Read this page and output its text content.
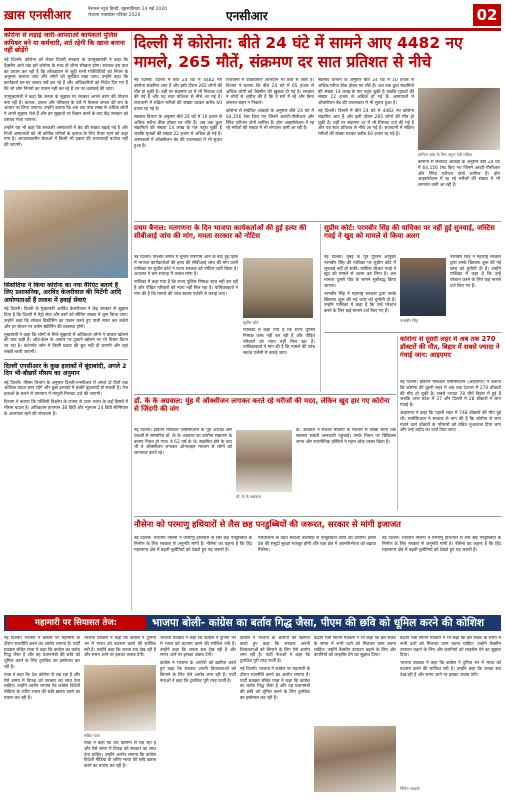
ख़ास एनसीआर	नैशनल न्यूज़ हिन्दी, बृहस्पतिवार 14 मई 2020
रोज़ाना एक्सप्रेस पत्रिका 2020	एनसीआर	02

कोरोना से लड़ाई जारी-आपदाओं कार्यकर्ता पुलिस कमिश्नर बने या कर्मचारी, शर्त रहेगी कि खाना बनाना नहीं छोड़ेंगे

नई दिल्ली। कोरोना को लेकर दिल्ली सरकार के उपमुख्यमंत्री ने कहा कि वैक्सीन आने तक हमें कोरोना के साथ ही जीना सीखना होगा। सरकार इस बात का प्रयास कर रही है कि लॉकडाउन से जुड़ी सभी गतिविधियों को नियम के अनुसार चलाया जाए और लोगों को सुरक्षित रखा जाए। उन्होंने कहा कि कार्यकर्ता घर-घर जाकर सर्वे कर रहे हैं और अधिकारियों को निर्देश दिए गए हैं कि जो लोग नियमों का पालन नहीं कर रहे हैं उन पर कार्रवाई की जाए।

उपमुख्यमंत्री ने कहा कि जनता के सुझाव पर सरकार अगले चरण की योजना बना रही है। बाजार, दफ्तर और परिवहन के बारे में फैसला जनता की राय के आधार पर लिया जाएगा। उन्होंने बताया कि अब तक पांच लाख से अधिक लोगों ने अपने सुझाव भेजे हैं और इन सुझावों पर विचार करने के बाद केंद्र सरकार को प्रस्ताव भेजा जाएगा।

उन्होंने यह भी कहा कि सरकारी अस्पतालों में बेड की संख्या बढ़ाई गई है और निजी अस्पतालों को भी कोविड मरीजों के इलाज के लिए तैयार रहने को कहा गया है। आपातकालीन सेवाओं में किसी भी प्रकार की लापरवाही बर्दाश्त नहीं की जाएगी।

सिसोदिया ने किया कोरोना का नया वैरिएंट बताये हैं लिए प्रशासनिक, अरविंद केजरीवाल की मिटेंगी आदि अयोग्यताओं हैं तलाश में हवाई सेवाएं

नई दिल्ली। दिल्ली के मुख्यमंत्री अरविंद केजरीवाल ने केंद्र सरकार से सुझाव दिया है कि दिल्ली में मेट्रो सेवा और बसों को सीमित संख्या में शुरू किया जाए। उन्होंने कहा कि सोशल डिस्टेंसिंग का पालन करते हुए यात्री सफर कर सकेंगे और हर स्टेशन पर थर्मल स्क्रीनिंग की व्यवस्था होगी।

मुख्यमंत्री ने कहा कि लोगों से मिले सुझावों में अधिकतर लोगों ने बाजार खोलने की बात कही है। ऑड-ईवन के आधार पर दुकानें खोलने पर भी विचार किया जा रहा है। कंटेनमेंट जोन में किसी प्रकार की छूट नहीं दी जाएगी और वहां सख्ती बरती जाएगी।

दिल्ली एनसीआर के कुछ इलाकों में बूंदाबांदी, अगले 2 दिन भी-बौछारें मौसम का अनुमान

नई दिल्ली। मौसम विभाग के अनुसार दिल्ली-एनसीआर में अगले दो दिनों तक आंशिक बादल छाए रहेंगे और कुछ इलाकों में हल्की बूंदाबांदी हो सकती है। तेज हवाओं के चलने से तापमान में मामूली गिरावट दर्ज की जाएगी।

विभाग ने बताया कि पश्चिमी विक्षोभ के प्रभाव से उत्तर भारत के कई हिस्सों में मौसम बदला है। अधिकतम तापमान 38 डिग्री और न्यूनतम 24 डिग्री सेल्सियस के आसपास रहने की संभावना है।

दिल्ली में कोरोना: बीते 24 घंटे में सामने आए 4482 नए मामले, 265 मौतें, संक्रमण दर सात प्रतिशत से नीचे

नई दिल्ली। दिल्ली में बीते 24 घंटे में 4482 नए कोरोना संक्रमित आए हैं और इसी दौरान 265 लोगों की मौत हो चुकी है। वहीं पर संक्रमण दर में भी गिरावट दर्ज की गई है और यह सात प्रतिशत से नीचे आ गई है। राजधानी में सक्रिय मरीजों की संख्या घटकर करीब 60 हजार रह गई है।

स्वास्थ्य विभाग के अनुसार बीते 24 घंटे में 10 हजार से अधिक मरीज ठीक होकर घर लौटे हैं। अब तक कुल संक्रमितों की संख्या 14 लाख के पार पहुंच चुकी है जबकि मृतकों की संख्या 22 हजार से अधिक हो गई है। अस्पतालों में ऑक्सीजन बेड की उपलब्धता में भी सुधार हुआ है।

राजधानी में टीकाकरण अभियान भी तेजी से जारी है। विभाग ने बताया कि बीते 24 घंटे में 65 हजार से अधिक लोगों को वैक्सीन की खुराक दी गई है। सरकार ने लोगों से अपील की है कि वे घरों में रहें और बिना जरूरत बाहर न निकलें।

कोरोना से संबंधित आंकड़ों के अनुसार बीते 24 घंटे में 64,156 टेस्ट किए गए जिनमें आरटी-पीसीआर और रैपिड एंटीजन दोनों शामिल हैं। होम आइसोलेशन में रह रहे मरीजों की संख्या में भी लगातार कमी आ रही है।

स्वास्थ्य विभाग के अनुसार बीते 24 घंटे में 10 हजार से अधिक मरीज ठीक होकर घर लौटे हैं। अब तक कुल संक्रमितों की संख्या 14 लाख के पार पहुंच चुकी है जबकि मृतकों की संख्या 22 हजार से अधिक हो गई है। अस्पतालों में ऑक्सीजन बेड की उपलब्धता में भी सुधार हुआ है।

नई दिल्ली। दिल्ली में बीते 24 घंटे में 4482 नए कोरोना संक्रमित आए हैं और इसी दौरान 265 लोगों की मौत हो चुकी है। वहीं पर संक्रमण दर में भी गिरावट दर्ज की गई है और यह सात प्रतिशत से नीचे आ गई है। राजधानी में सक्रिय मरीजों की संख्या घटकर करीब 60 हजार रह गई है।

कोरोना जांच के लिए नमूना देती महिला

कोरोना से संबंधित आंकड़ों के अनुसार बीते 24 घंटे में 64,156 टेस्ट किए गए जिनमें आरटी-पीसीआर और रैपिड एंटीजन दोनों शामिल हैं। होम आइसोलेशन में रह रहे मरीजों की संख्या में भी लगातार कमी आ रही है।

प्रथम बैनाल: मतगणना के दिन भाजपा कार्यकर्ताओं की हुई हत्या की सीबीआई जांच की मांग, ममता सरकार को नोटिस

नई दिल्ली। पश्चिम बंगाल में चुनाव परिणाम आने के बाद हुई हिंसा में भाजपा कार्यकर्ताओं की हत्या की सीबीआई जांच की मांग वाली याचिका पर सुप्रीम कोर्ट ने राज्य सरकार को नोटिस जारी किया है। अदालत ने चार सप्ताह में जवाब मांगा है।

याचिका में कहा गया है कि राज्य पुलिस निष्पक्ष जांच नहीं कर रही है और पीड़ित परिवारों को न्याय नहीं मिल रहा है। याचिकाकर्ता ने मांग की है कि मामले की जांच स्वतंत्र एजेंसी से कराई जाए।

सुप्रीम कोर्ट

याचिका में कहा गया है कि राज्य पुलिस निष्पक्ष जांच नहीं कर रही है और पीड़ित परिवारों को न्याय नहीं मिल रहा है। याचिकाकर्ता ने मांग की है कि मामले की जांच स्वतंत्र एजेंसी से कराई जाए।

सुप्रीम कोर्ट: परमबीर सिंह की याचिका पर नहीं हुई सुनवाई, जस्टिस गवई ने खुद को मामले से किया अलग

नई दिल्ली। मुंबई के पूर्व पुलिस आयुक्त परमबीर सिंह की याचिका पर सुप्रीम कोर्ट में सुनवाई नहीं हो सकी। जस्टिस बीआर गवई ने खुद को मामले से अलग कर लिया है। अब मामला दूसरी पीठ के सामने सूचीबद्ध किया जाएगा।

परमबीर सिंह ने महाराष्ट्र सरकार द्वारा उनके खिलाफ शुरू की गई जांच को चुनौती दी है। उन्होंने याचिका में कहा है कि उन्हें परेशान करने के लिए कई मामले दर्ज किए गए हैं।

परमबीर सिंह

परमबीर सिंह ने महाराष्ट्र सरकार द्वारा उनके खिलाफ शुरू की गई जांच को चुनौती दी है। उन्होंने याचिका में कहा है कि उन्हें परेशान करने के लिए कई मामले दर्ज किए गए हैं।

कोरोना से दूसरी लहर में अब तक 270 डॉक्टरों की मौत, बिहार में सबसे ज्यादा ने गंवाई जान: आइएमए

नई दिल्ली। इंडियन मेडिकल एसोसिएशन (आइएमए) ने बताया कि कोरोना की दूसरी लहर में अब तक देशभर में 270 डॉक्टरों की मौत हो चुकी है। सबसे ज्यादा 78 मौतें बिहार में हुई हैं जबकि उत्तर प्रदेश में 37 और दिल्ली में 28 डॉक्टरों ने जान गंवाई है।

आइएमए ने कहा कि पहली लहर में 748 डॉक्टरों की मौत हुई थी। एसोसिएशन ने सरकार से मांग की है कि कोरोना से जान गंवाने वाले डॉक्टरों के परिवारों को उचित मुआवजा दिया जाए और उन्हें शहीद का दर्जा दिया जाए।

डॉ. के के अग्रवाल: मुंह में ऑक्सीजन लगाकर करते रहे मरीजों की मदद, लेकिन खुद हार गए कोरोना से जिंदगी की जंग

नई दिल्ली। इंडियन मेडिकल एसोसिएशन के पूर्व अध्यक्ष और पद्मश्री से सम्मानित डॉ. के के अग्रवाल का कोरोना संक्रमण के कारण निधन हो गया। वे 62 वर्ष के थे। संक्रमित होने के बाद भी वे ऑक्सीजन लगाकर ऑनलाइन माध्यम से लोगों को जागरूक करते रहे।

डॉ. के के अग्रवाल

डॉ. अग्रवाल ने सोशल मीडिया के माध्यम से लाखों लोगों तक स्वास्थ्य संबंधी जानकारी पहुंचाई। उनके निधन पर चिकित्सा जगत और राजनीतिक हस्तियों ने गहरा शोक व्यक्त किया है।

नौसेना को परमाणु हथियारों से लैस छह पनडुब्बियों की जरूरत, सरकार से मांगी इजाजत

नई दिल्ली। भारतीय नौसेना ने परमाणु हथियारों से लैस छह पनडुब्बियों के निर्माण के लिए सरकार से अनुमति मांगी है। नौसेना का कहना है कि हिंद महासागर क्षेत्र में बढ़ती चुनौतियों को देखते हुए यह जरूरी है।

परियोजना के तहत स्वदेशी तकनीक से पनडुब्बियां तैयार की जाएंगी। इससे देश की समुद्री सुरक्षा मजबूत होगी और रक्षा क्षेत्र में आत्मनिर्भरता को बढ़ावा मिलेगा।

नई दिल्ली। भारतीय नौसेना ने परमाणु हथियारों से लैस छह पनडुब्बियों के निर्माण के लिए सरकार से अनुमति मांगी है। नौसेना का कहना है कि हिंद महासागर क्षेत्र में बढ़ती चुनौतियों को देखते हुए यह जरूरी है।

महामारी पर सियासत तेज:	भाजपा बोली- कांग्रेस का बर्ताव गिद्ध जैसा, पीएम की छवि को धूमिल करने की कोशिश

नई दिल्ली। भाजपा ने कांग्रेस पर महामारी के दौरान राजनीति करने का आरोप लगाया है। पार्टी प्रवक्ता संबित पात्रा ने कहा कि कांग्रेस का बर्ताव गिद्ध जैसा है और वह प्रधानमंत्री की छवि को धूमिल करने के लिए टूलकिट का इस्तेमाल कर रही है।

पात्रा ने कहा कि देश कोरोना से लड़ रहा है और ऐसे समय में विपक्ष को सरकार का साथ देना चाहिए। उन्होंने आरोप लगाया कि कांग्रेस विदेशी मीडिया के जरिए भारत की छवि खराब करने का प्रयास कर रही है।

भाजपा प्रवक्ता ने कहा कि कांग्रेस ने दुनिया भर में भारत को बदनाम करने की साजिश रची है। उन्होंने कहा कि जनता सब देख रही है और समय आने पर इसका जवाब देगी।

संबित पात्रा

पात्रा ने कहा कि देश कोरोना से लड़ रहा है और ऐसे समय में विपक्ष को सरकार का साथ देना चाहिए। उन्होंने आरोप लगाया कि कांग्रेस विदेशी मीडिया के जरिए भारत की छवि खराब करने का प्रयास कर रही है।

भाजपा प्रवक्ता ने कहा कि कांग्रेस ने दुनिया भर में भारत को बदनाम करने की साजिश रची है। उन्होंने कहा कि जनता सब देख रही है और समय आने पर इसका जवाब देगी।

कांग्रेस ने भाजपा के आरोपों को खारिज करते हुए कहा कि सरकार अपनी विफलताओं को छिपाने के लिए ऐसे आरोप लगा रही है। पार्टी नेताओं ने कहा कि टूलकिट पूरी तरह फर्जी है।

कांग्रेस ने भाजपा के आरोपों को खारिज करते हुए कहा कि सरकार अपनी विफलताओं को छिपाने के लिए ऐसे आरोप लगा रही है। पार्टी नेताओं ने कहा कि टूलकिट पूरी तरह फर्जी है।

नई दिल्ली। भाजपा ने कांग्रेस पर महामारी के दौरान राजनीति करने का आरोप लगाया है। पार्टी प्रवक्ता संबित पात्रा ने कहा कि कांग्रेस का बर्ताव गिद्ध जैसा है और वह प्रधानमंत्री की छवि को धूमिल करने के लिए टूलकिट का इस्तेमाल कर रही है।

केंद्रीय मंत्री नितिन गडकरी ने भी कहा कि इस संकट के समय में सभी दलों को मिलकर काम करना चाहिए। उन्होंने वैक्सीन उत्पादन बढ़ाने के लिए और कंपनियों को लाइसेंस देने का सुझाव दिया।

केंद्रीय मंत्री नितिन गडकरी ने भी कहा कि इस संकट के समय में सभी दलों को मिलकर काम करना चाहिए। उन्होंने वैक्सीन उत्पादन बढ़ाने के लिए और कंपनियों को लाइसेंस देने का सुझाव दिया।

भाजपा प्रवक्ता ने कहा कि कांग्रेस ने दुनिया भर में भारत को बदनाम करने की साजिश रची है। उन्होंने कहा कि जनता सब देख रही है और समय आने पर इसका जवाब देगी।

नितिन गडकरी
